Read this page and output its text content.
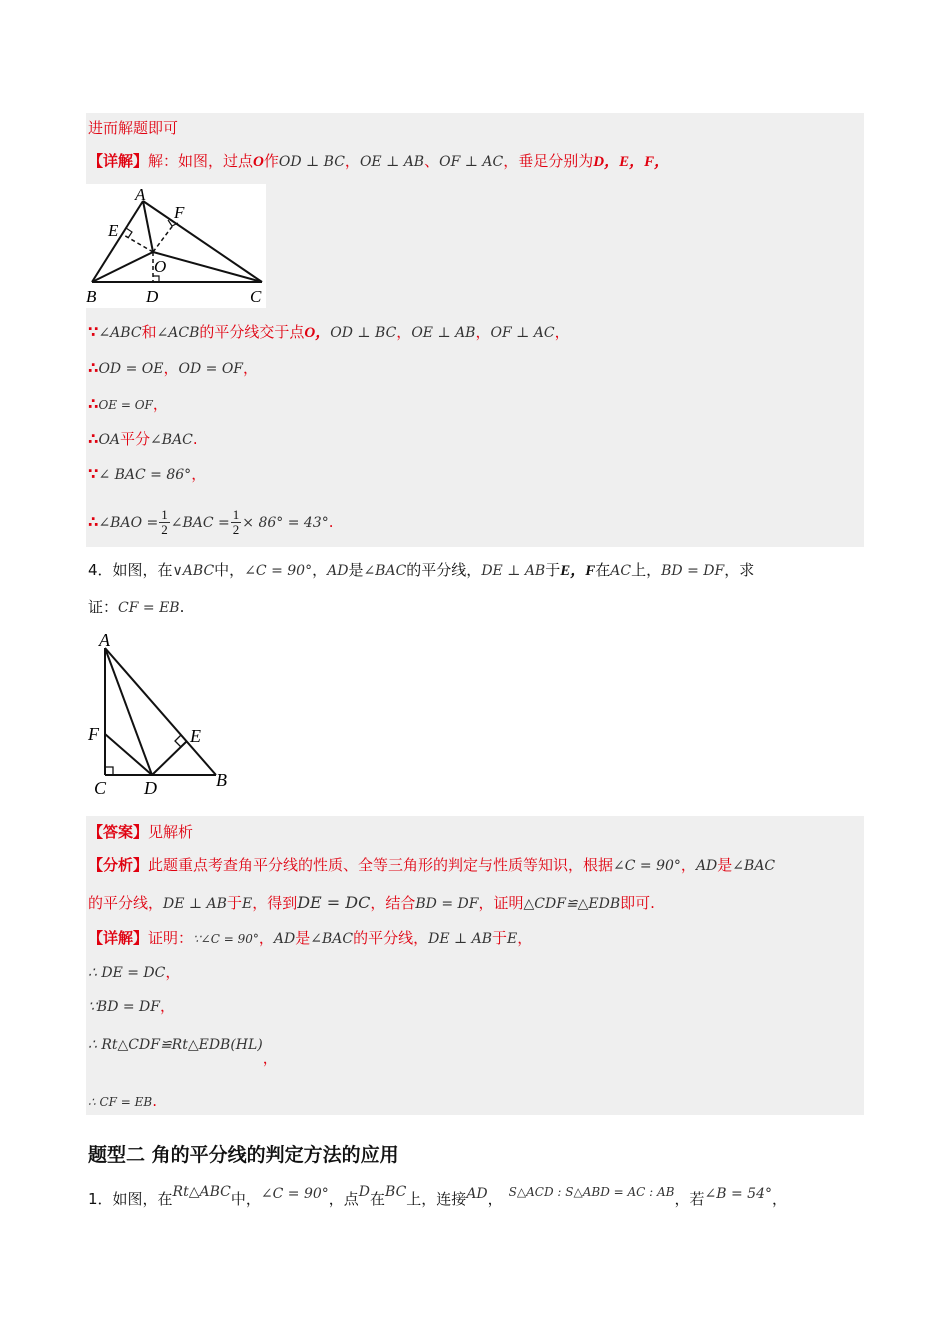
进而解题即可
【详解】解：如图，过点O作OD ⊥ BC，OE ⊥ AB、OF ⊥ AC，垂足分别为D，E，F，
A
E
F
O
B	D	C
∵∠ABC和∠ACB的平分线交于点O，OD ⊥ BC，OE ⊥ AB，OF ⊥ AC，
∴OD = OE，OD = OF，
∴OE = OF，
∴OA平分∠BAC.
∵∠ BAC = 86°，
∴∠BAO = $\frac{1}{2}$ ∠BAC = $\frac{1}{2} \times 86^\circ = 43^\circ$.
4．如图，在∨ABC中，∠C = 90°，AD是∠BAC的平分线，DE ⊥ AB于E，F在AC上，BD = DF，求
证：CF = EB.
A
F	E
C D	B
【答案】见解析
【分析】此题重点考查角平分线的性质、全等三角形的判定与性质等知识，根据∠C = 90°，AD是∠BAC
的平分线，DE ⊥ AB于E，得到DE = DC，结合BD = DF，证明△CDF≌△EDB即可.
【详解】证明：∵∠C = 90°，AD是∠BAC的平分线，DE ⊥ AB于E，
∴ DE = DC，
∵BD = DF，
∴ Rt△CDF≌Rt△EDB(HL)，
∴ CF = EB.
题型二 角的平分线的判定方法的应用
1．如图，在Rt△ABC中，∠C = 90°，点D在BC上，连接AD， $^{S\triangle ACD : S\triangle ABD = AC : AB}$，若∠B = 54°，
